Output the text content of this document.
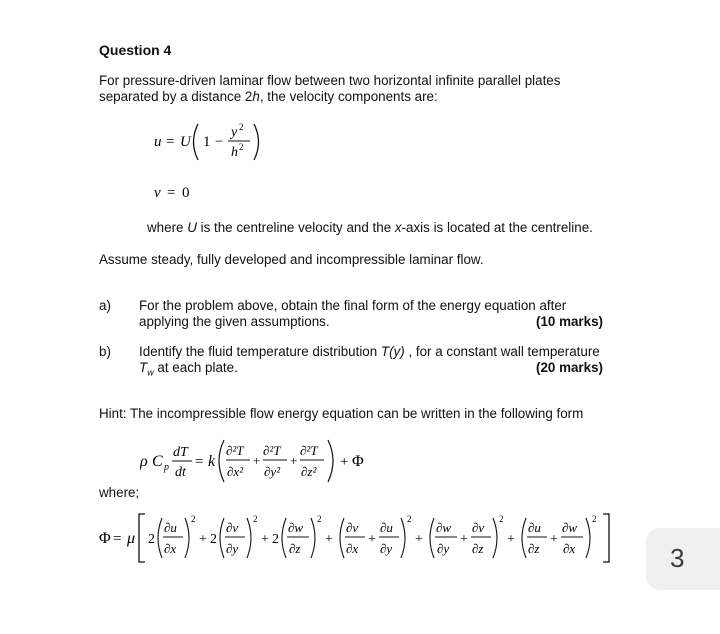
Question 4
For pressure-driven laminar flow between two horizontal infinite parallel plates
separated by a distance 2h, the velocity components are:
u = U 1 −
y 2
h 2
v = 0
where U is the centreline velocity and the x-axis is located at the centreline.
Assume steady, fully developed and incompressible laminar flow.
a) For the problem above, obtain the final form of the energy equation after
applying the given assumptions.	(10 marks)
b) Identify the fluid temperature distribution T(y) , for a constant wall temperature
$T_w$ at each plate.	(20 marks)
Hint: The incompressible flow energy equation can be written in the following form
ρ C p
dT
dt
= k
∂²T
∂x²
+
∂²T
∂y²
+
∂²T
∂z²
+ Φ
where;
Φ = μ 2
∂u
∂x
2
+ 2
∂v
∂y
2
+ 2
∂w
∂z
2
+
∂v
∂x
+
∂u
∂y
2
+
∂w
∂y
+
∂v
∂z
2
+
∂u
∂z
+
∂w
∂x
2
3
